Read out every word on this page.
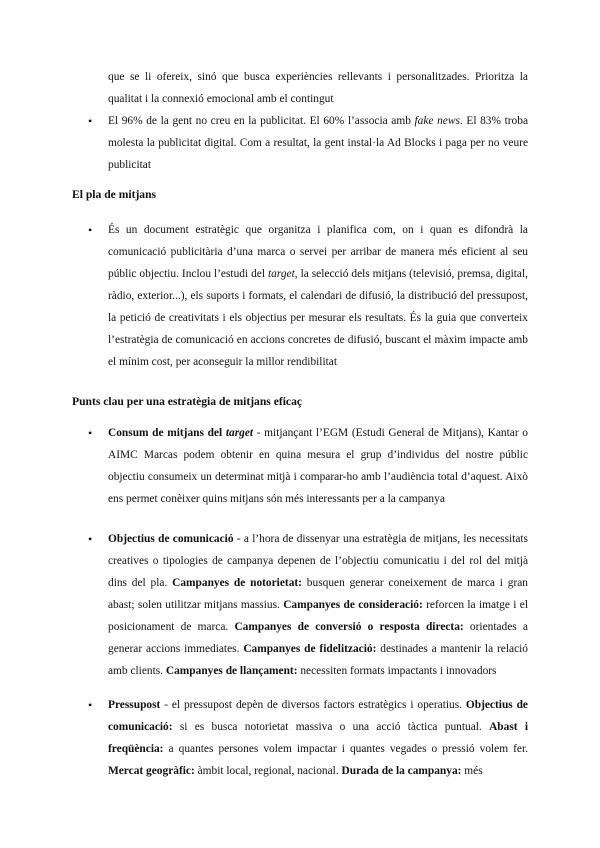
que se li ofereix, sinó que busca experiències rellevants i personalitzades. Prioritza la qualitat i la connexió emocional amb el contingut

• El 96% de la gent no creu en la publicitat. El 60% l’associa amb fake news. El 83% troba molesta la publicitat digital. Com a resultat, la gent instal·la Ad Blocks i paga per no veure publicitat
El pla de mitjans
• És un document estratègic que organitza i planifica com, on i quan es difondrà la comunicació publicitària d’una marca o servei per arribar de manera més eficient al seu públic objectiu. Inclou l’estudi del target, la selecció dels mitjans (televisió, premsa, digital, ràdio, exterior...), els suports i formats, el calendari de difusió, la distribució del pressupost, la petició de creativitats i els objectius per mesurar els resultats. És la guia que converteix l’estratègia de comunicació en accions concretes de difusió, buscant el màxim impacte amb el mínim cost, per aconseguir la millor rendibilitat
Punts clau per una estratègia de mitjans eficaç
• Consum de mitjans del target - mitjançant l’EGM (Estudi General de Mitjans), Kantar o AIMC Marcas podem obtenir en quina mesura el grup d’individus del nostre públic objectiu consumeix un determinat mitjà i comparar-ho amb l’audiència total d’aquest. Això ens permet conèixer quins mitjans són més interessants per a la campanya
• Objectius de comunicació - a l’hora de dissenyar una estratègia de mitjans, les necessitats creatives o tipologies de campanya depenen de l’objectiu comunicatiu i del rol del mitjà dins del pla. Campanyes de notorietat: busquen generar coneixement de marca i gran abast; solen utilitzar mitjans massius. Campanyes de consideració: reforcen la imatge i el posicionament de marca. Campanyes de conversió o resposta directa: orientades a generar accions immediates. Campanyes de fidelització: destinades a mantenir la relació amb clients. Campanyes de llançament: necessiten formats impactants i innovadors
• Pressupost - el pressupost depèn de diversos factors estratègics i operatius. Objectius de comunicació: si es busca notorietat massiva o una acció tàctica puntual. Abast i freqüència: a quantes persones volem impactar i quantes vegades o pressió volem fer. Mercat geogràfic: àmbit local, regional, nacional. Durada de la campanya: més
